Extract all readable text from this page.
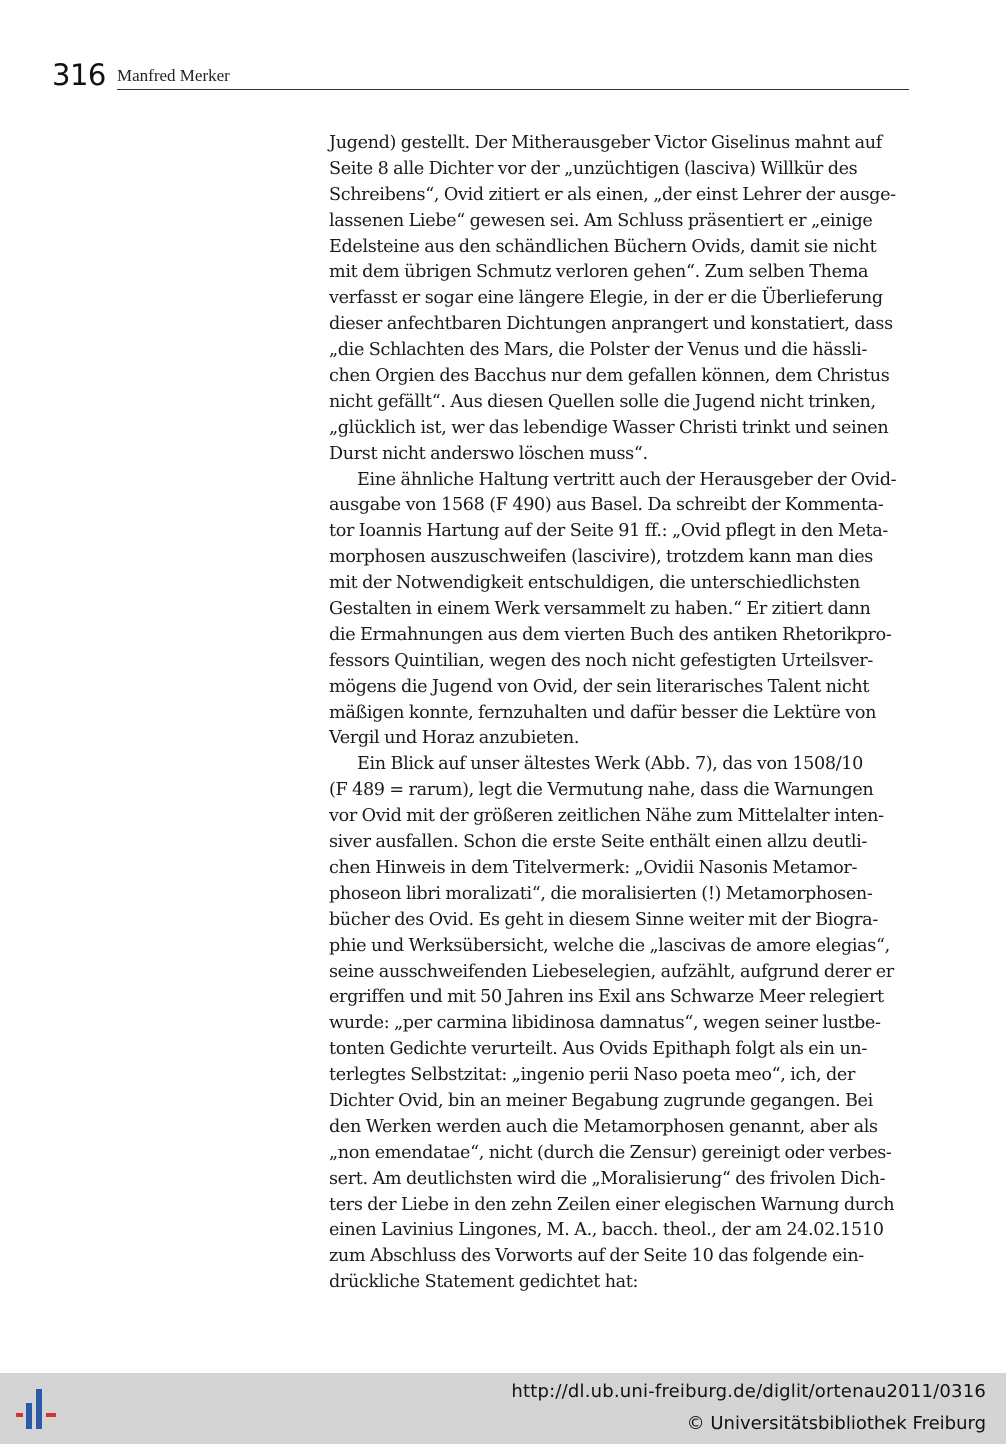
316 Manfred Merker
Jugend) gestellt. Der Mitherausgeber Victor Giselinus mahnt auf
Seite 8 alle Dichter vor der „unzüchtigen (lasciva) Willkür des
Schreibens“, Ovid zitiert er als einen, „der einst Lehrer der ausge-
lassenen Liebe“ gewesen sei. Am Schluss präsentiert er „einige
Edelsteine aus den schändlichen Büchern Ovids, damit sie nicht
mit dem übrigen Schmutz verloren gehen“. Zum selben Thema
verfasst er sogar eine längere Elegie, in der er die Überlieferung
dieser anfechtbaren Dichtungen anprangert und konstatiert, dass
„die Schlachten des Mars, die Polster der Venus und die hässli-
chen Orgien des Bacchus nur dem gefallen können, dem Christus
nicht gefällt“. Aus diesen Quellen solle die Jugend nicht trinken,
„glücklich ist, wer das lebendige Wasser Christi trinkt und seinen
Durst nicht anderswo löschen muss“.
Eine ähnliche Haltung vertritt auch der Herausgeber der Ovid-
ausgabe von 1568 (F 490) aus Basel. Da schreibt der Kommenta-
tor Ioannis Hartung auf der Seite 91 ff.: „Ovid pflegt in den Meta-
morphosen auszuschweifen (lascivire), trotzdem kann man dies
mit der Notwendigkeit entschuldigen, die unterschiedlichsten
Gestalten in einem Werk versammelt zu haben.“ Er zitiert dann
die Ermahnungen aus dem vierten Buch des antiken Rhetorikpro-
fessors Quintilian, wegen des noch nicht gefestigten Urteilsver-
mögens die Jugend von Ovid, der sein literarisches Talent nicht
mäßigen konnte, fernzuhalten und dafür besser die Lektüre von
Vergil und Horaz anzubieten.
Ein Blick auf unser ältestes Werk (Abb. 7), das von 1508/10
(F 489 = rarum), legt die Vermutung nahe, dass die Warnungen
vor Ovid mit der größeren zeitlichen Nähe zum Mittelalter inten-
siver ausfallen. Schon die erste Seite enthält einen allzu deutli-
chen Hinweis in dem Titelvermerk: „Ovidii Nasonis Metamor-
phoseon libri moralizati“, die moralisierten (!) Metamorphosen-
bücher des Ovid. Es geht in diesem Sinne weiter mit der Biogra-
phie und Werksübersicht, welche die „lascivas de amore elegias“,
seine ausschweifenden Liebeselegien, aufzählt, aufgrund derer er
ergriffen und mit 50 Jahren ins Exil ans Schwarze Meer relegiert
wurde: „per carmina libidinosa damnatus“, wegen seiner lustbe-
tonten Gedichte verurteilt. Aus Ovids Epithaph folgt als ein un-
terlegtes Selbstzitat: „ingenio perii Naso poeta meo“, ich, der
Dichter Ovid, bin an meiner Begabung zugrunde gegangen. Bei
den Werken werden auch die Metamorphosen genannt, aber als
„non emendatae“, nicht (durch die Zensur) gereinigt oder verbes-
sert. Am deutlichsten wird die „Moralisierung“ des frivolen Dich-
ters der Liebe in den zehn Zeilen einer elegischen Warnung durch
einen Lavinius Lingones, M. A., bacch. theol., der am 24.02.1510
zum Abschluss des Vorworts auf der Seite 10 das folgende ein-
drückliche Statement gedichtet hat:
http://dl.ub.uni-freiburg.de/diglit/ortenau2011/0316
© Universitätsbibliothek Freiburg
